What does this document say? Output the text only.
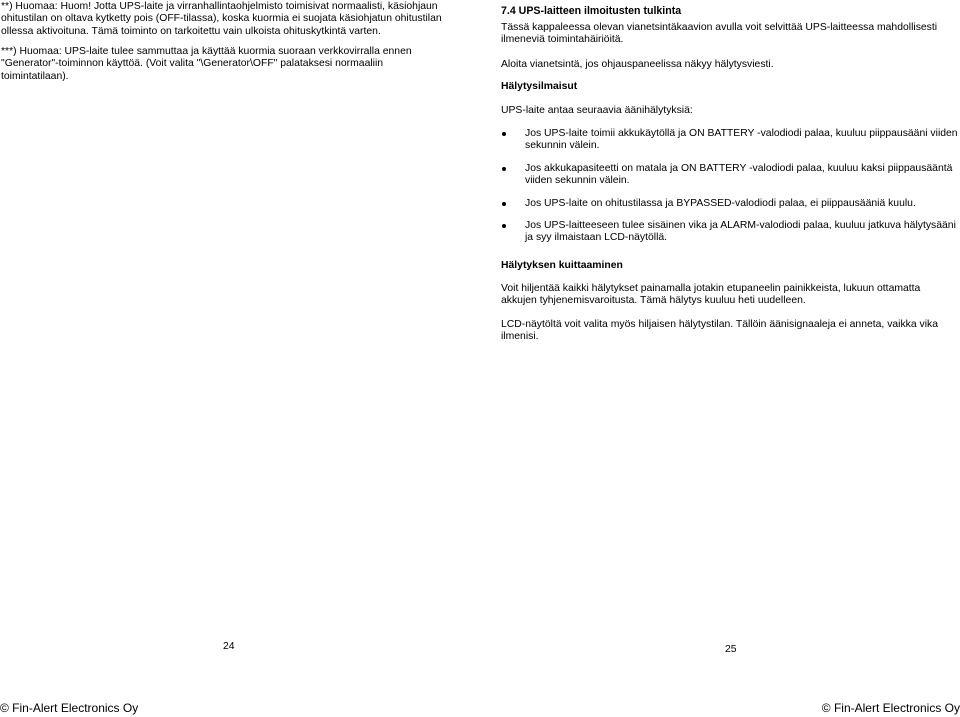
**) Huomaa: Huom! Jotta UPS-laite ja virranhallintaohjelmisto toimisivat normaalisti, käsiohjaun ohitustilan on oltava kytketty pois (OFF-tilassa), koska kuormia ei suojata käsiohjatun ohitustilan ollessa aktivoituna. Tämä toiminto on tarkoitettu vain ulkoista ohituskytkintä varten.

***) Huomaa: UPS-laite tulee sammuttaa ja käyttää kuormia suoraan verkkovirralla ennen "Generator"-toiminnon käyttöä. (Voit valita "\Generator\OFF" palataksesi normaaliin toimintatilaan).

24
© Fin-Alert Electronics Oy

7.4 UPS-laitteen ilmoitusten tulkinta

Tässä kappaleessa olevan vianetsintäkaavion avulla voit selvittää UPS-laitteessa mahdollisesti ilmeneviä toimintahäiriöitä.

Aloita vianetsintä, jos ohjauspaneelissa näkyy hälytysviesti.

Hälytysilmaisut

UPS-laite antaa seuraavia äänihälytyksiä:

Jos UPS-laite toimii akkukäytöllä ja ON BATTERY -valodiodi palaa, kuuluu piippausääni viiden sekunnin välein.
Jos akkukapasiteetti on matala ja ON BATTERY -valodiodi palaa, kuuluu kaksi piippausääntä viiden sekunnin välein.
Jos UPS-laite on ohitustilassa ja BYPASSED-valodiodi palaa, ei piippausääniä kuulu.
Jos UPS-laitteeseen tulee sisäinen vika ja ALARM-valodiodi palaa, kuuluu jatkuva hälytysääni ja syy ilmaistaan LCD-näytöllä.

Hälytyksen kuittaaminen

Voit hiljentää kaikki hälytykset painamalla jotakin etupaneelin painikkeista, lukuun ottamatta akkujen tyhjenemisvaroitusta. Tämä hälytys kuuluu heti uudelleen.

LCD-näytöltä voit valita myös hiljaisen hälytystilan. Tällöin äänisignaaleja ei anneta, vaikka vika ilmenisi.

25
© Fin-Alert Electronics Oy
